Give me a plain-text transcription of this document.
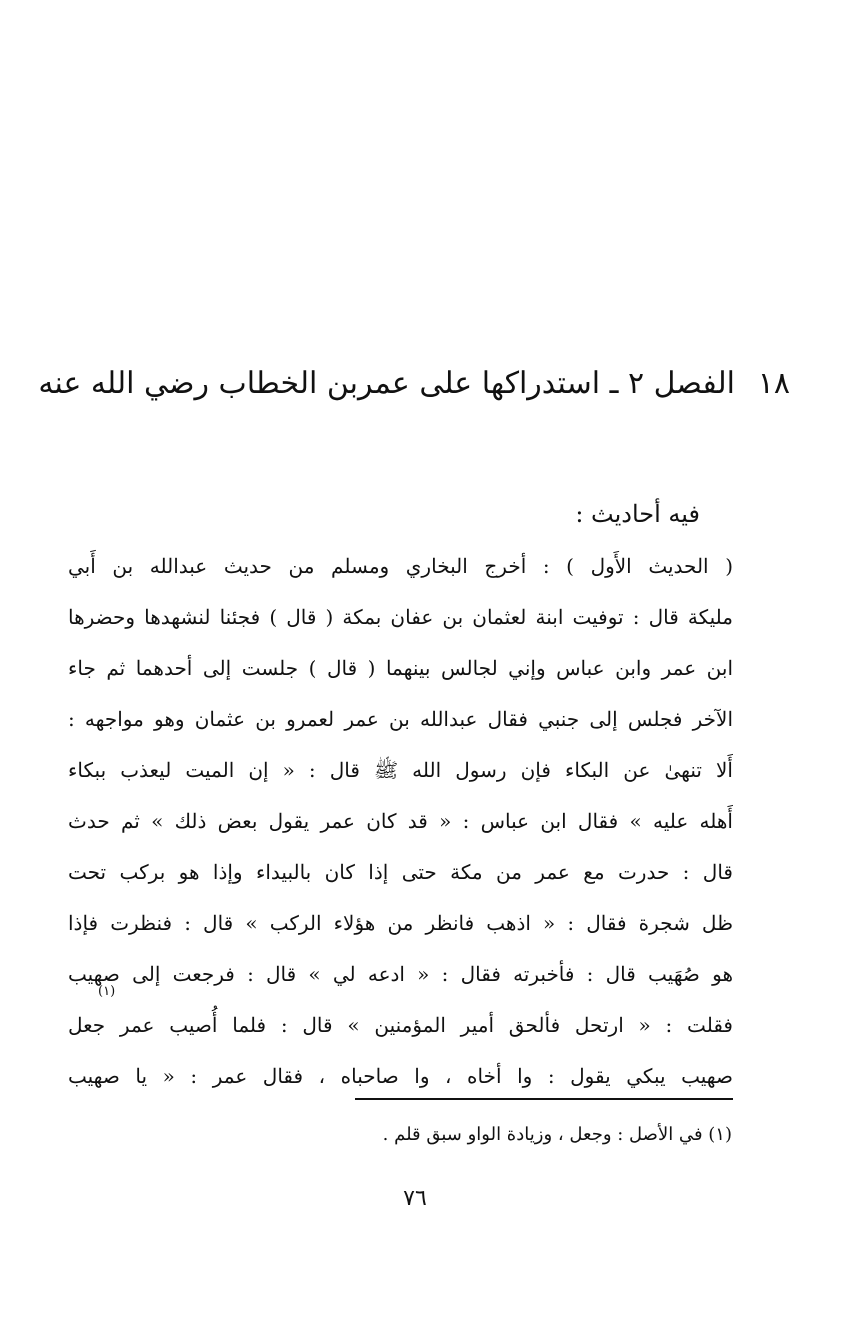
١٨
الفصل ٢ ـ استدراكها على عمربن الخطاب رضي الله عنه
فيه أحاديث :
( الحديث الأَول ) : أخرج البخاري ومسلم من حديث عبدالله بن أَبي
مليكة قال : توفيت ابنة لعثمان بن عفان بمكة ( قال ) فجئنا لنشهدها وحضرها
ابن عمر وابن عباس وإني لجالس بينهما ( قال ) جلست إلى أحدهما ثم جاء
الآخر فجلس إلى جنبي فقال عبدالله بن عمر لعمرو بن عثمان وهو مواجهه :
أَلا تنهىٰ عن البكاء فإن رسول الله ﷺ قال : « إن الميت ليعذب ببكاء
أَهله عليه » فقال ابن عباس : « قد كان عمر يقول بعض ذلك » ثم حدث
قال : حدرت مع عمر من مكة حتى إذا كان بالبيداء وإذا هو بركب تحت
ظل شجرة فقال : « اذهب فانظر من هؤلاء الركب » قال : فنظرت فإذا
هو صُهَيب قال : فأخبرته فقال : « ادعه لي » قال : فرجعت إلى صهيب
فقلت : « ارتحل فألحق أمير المؤمنين » قال : فلما أُصيب عمر جعل
صهيب يبكي يقول : وا أخاه ، وا صاحباه ، فقال عمر : « يا صهيب
(١)
(١) في الأصل : وجعل ، وزيادة الواو سبق قلم .
٧٦
